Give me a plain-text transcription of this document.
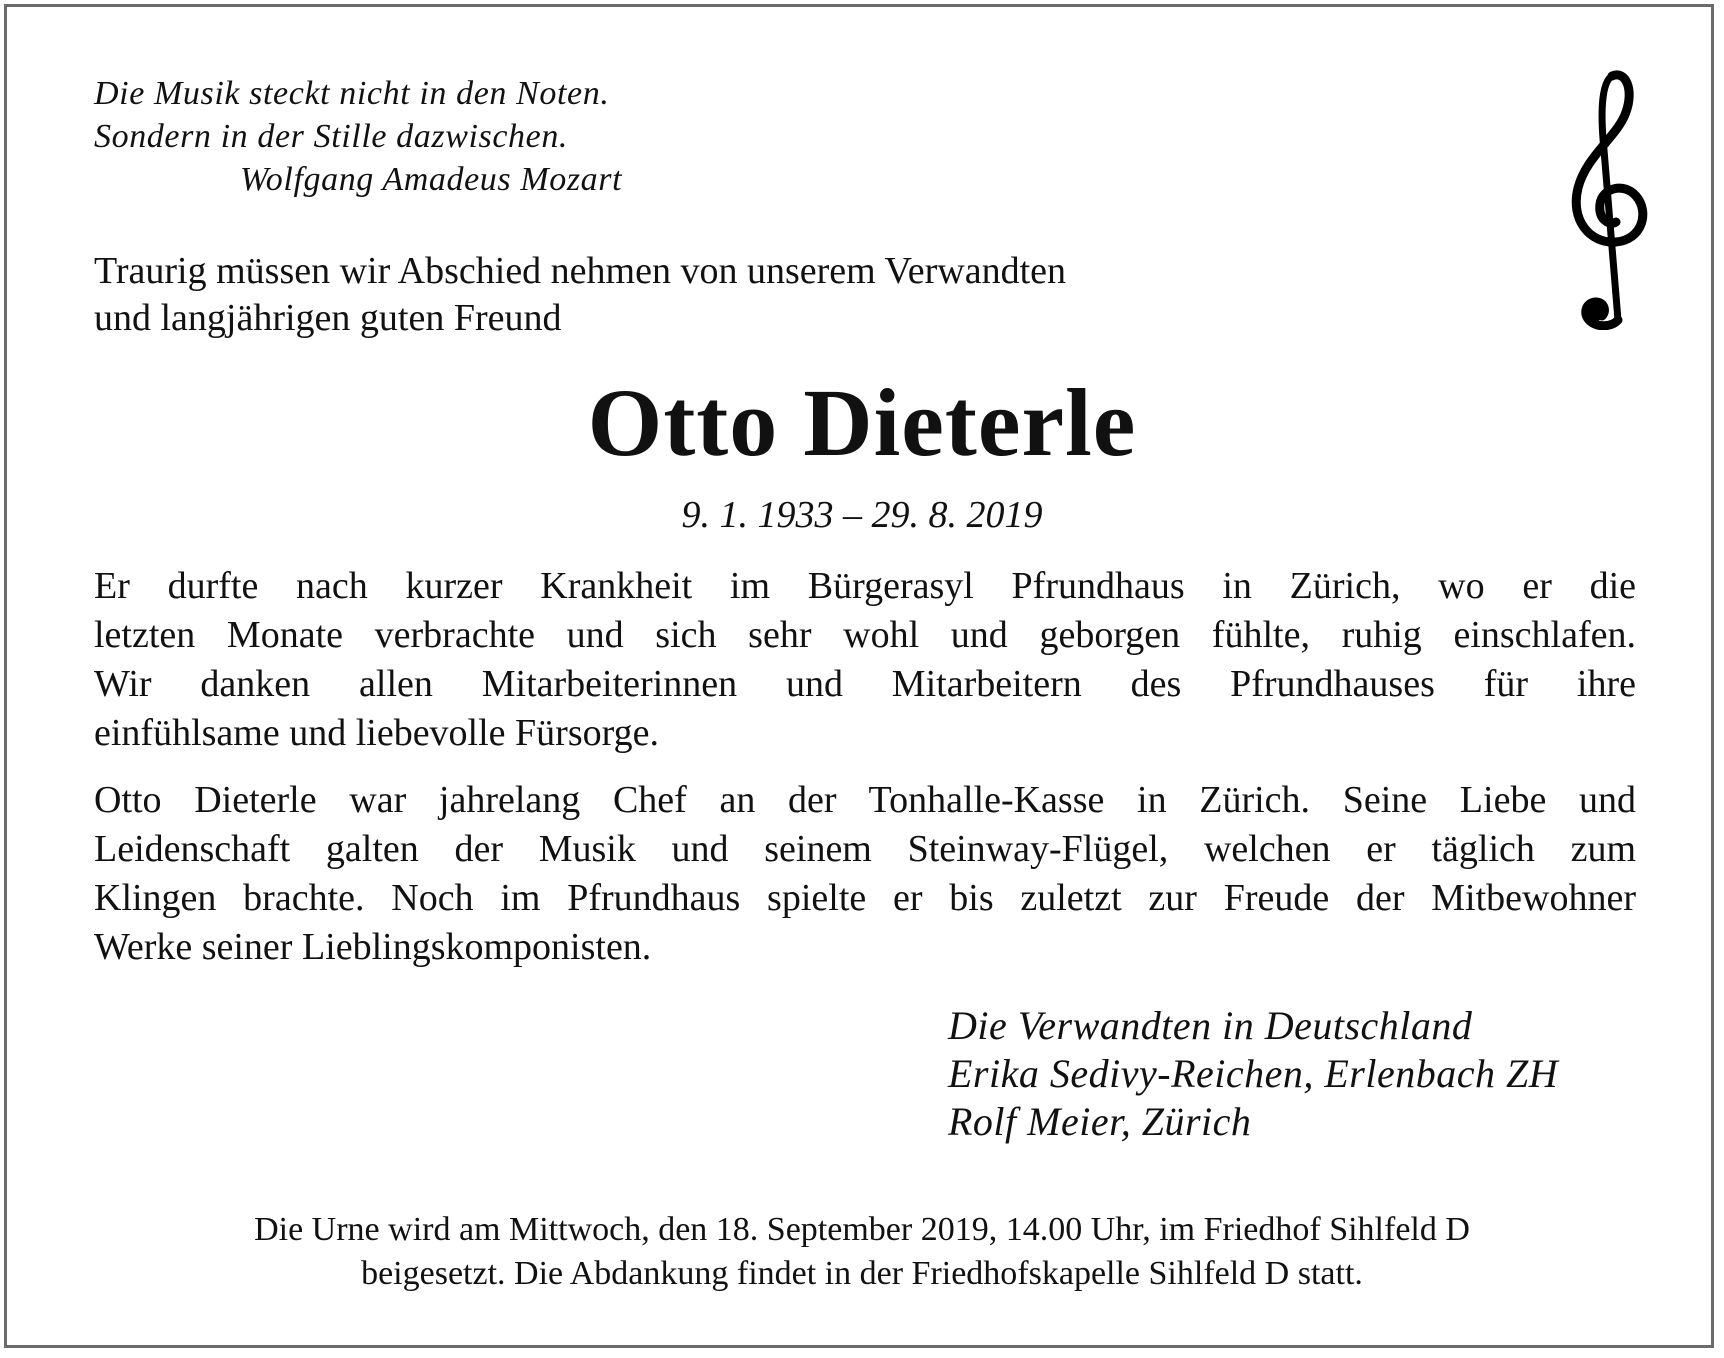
Die Musik steckt nicht in den Noten.
Sondern in der Stille dazwischen.
Wolfgang Amadeus Mozart
Traurig müssen wir Abschied nehmen von unserem Verwandten
und langjährigen guten Freund
Otto Dieterle
9. 1. 1933 – 29. 8. 2019
Er durfte nach kurzer Krankheit im Bürgerasyl Pfrundhaus in Zürich, wo er die
letzten Monate verbrachte und sich sehr wohl und geborgen fühlte, ruhig einschlafen.
Wir danken allen Mitarbeiterinnen und Mitarbeitern des Pfrundhauses für ihre
einfühlsame und liebevolle Fürsorge.
Otto Dieterle war jahrelang Chef an der Tonhalle-Kasse in Zürich. Seine Liebe und
Leidenschaft galten der Musik und seinem Steinway-Flügel, welchen er täglich zum
Klingen brachte. Noch im Pfrundhaus spielte er bis zuletzt zur Freude der Mitbewohner
Werke seiner Lieblingskomponisten.
Die Verwandten in Deutschland
Erika Sedivy-Reichen, Erlenbach ZH
Rolf Meier, Zürich
Die Urne wird am Mittwoch, den 18. September 2019, 14.00 Uhr, im Friedhof Sihlfeld D
beigesetzt. Die Abdankung findet in der Friedhofskapelle Sihlfeld D statt.
